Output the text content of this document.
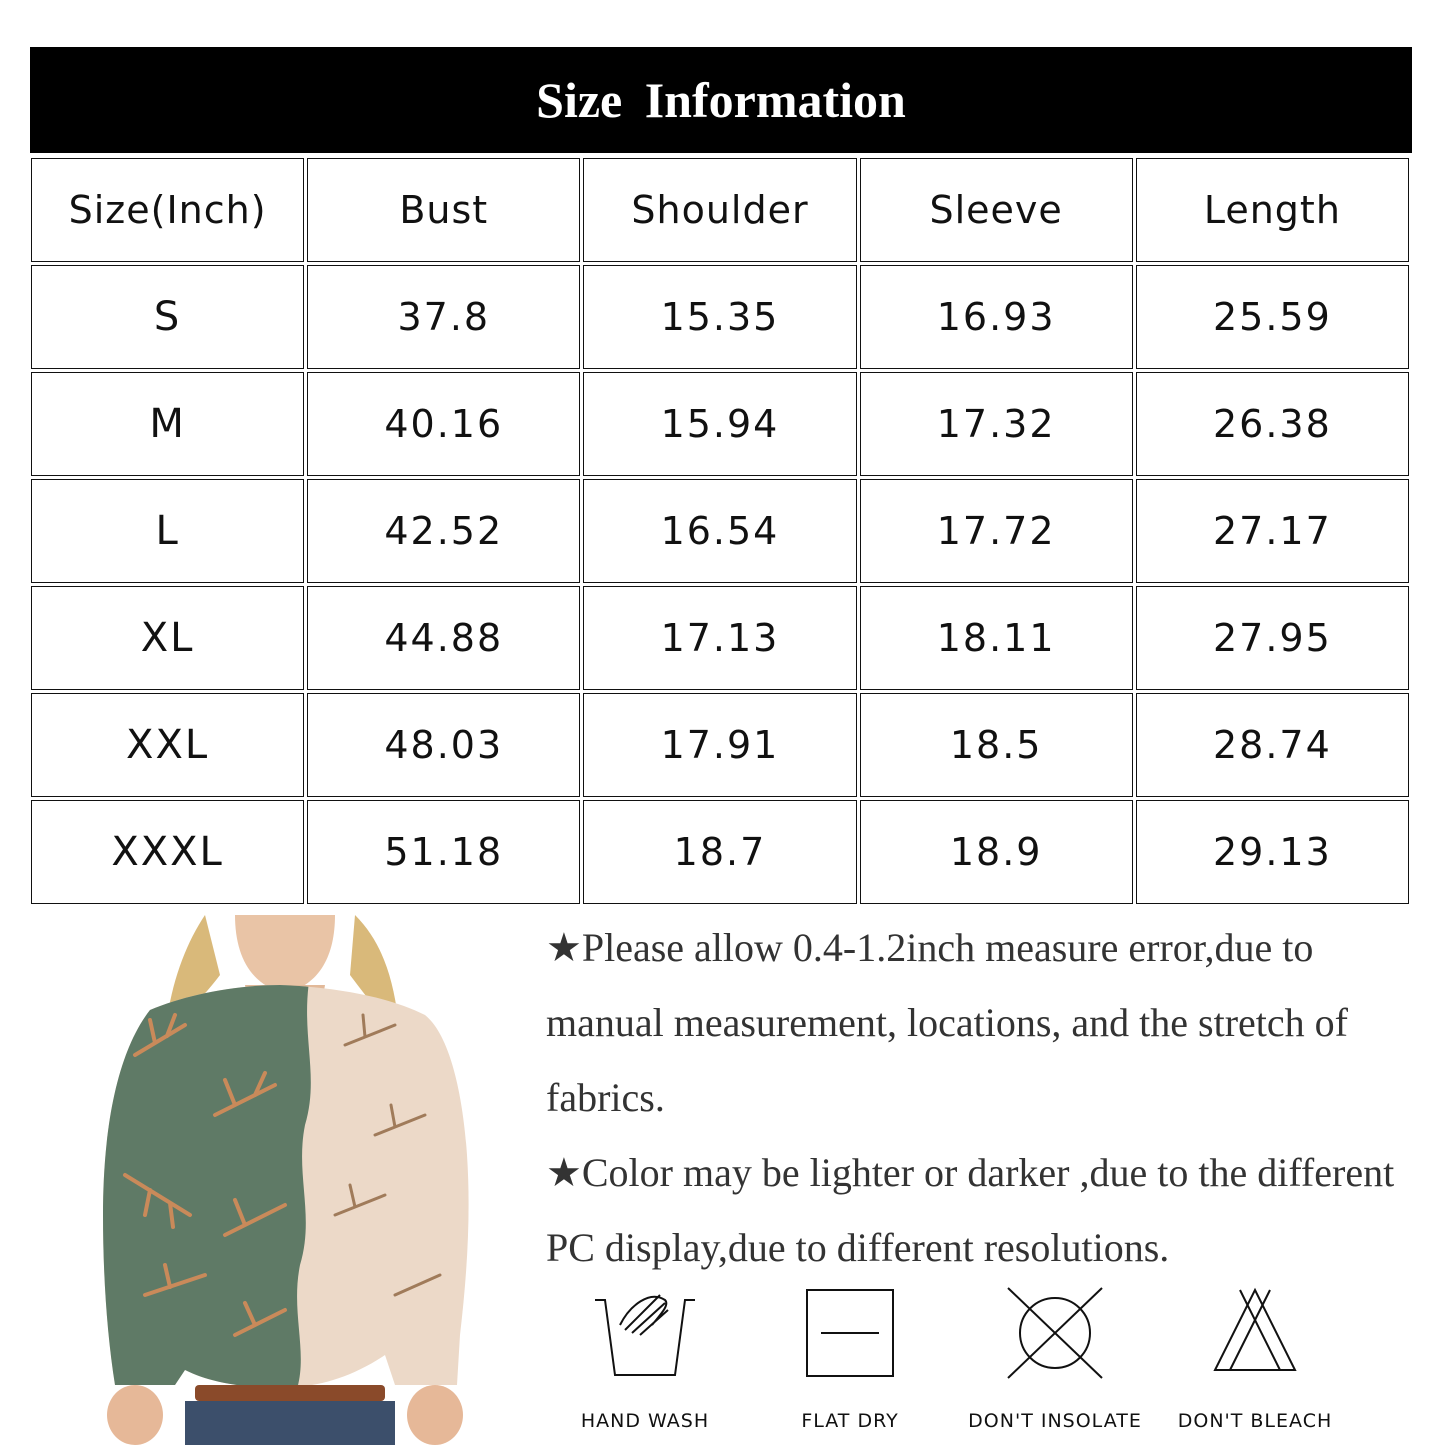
Size Information
Size(Inch)	Bust	Shoulder	Sleeve	Length
S	37.8	15.35	16.93	25.59
M	40.16	15.94	17.32	26.38
L	42.52	16.54	17.72	27.17
XL	44.88	17.13	18.11	27.95
XXL	48.03	17.91	18.5	28.74
XXXL	51.18	18.7	18.9	29.13

★Please allow 0.4-1.2inch measure error,due to manual measurement, locations, and the stretch of fabrics.

★Color may be lighter or darker ,due to the different PC display,due to different resolutions.

HAND WASH	FLAT DRY	DON'T INSOLATE	DON'T BLEACH
